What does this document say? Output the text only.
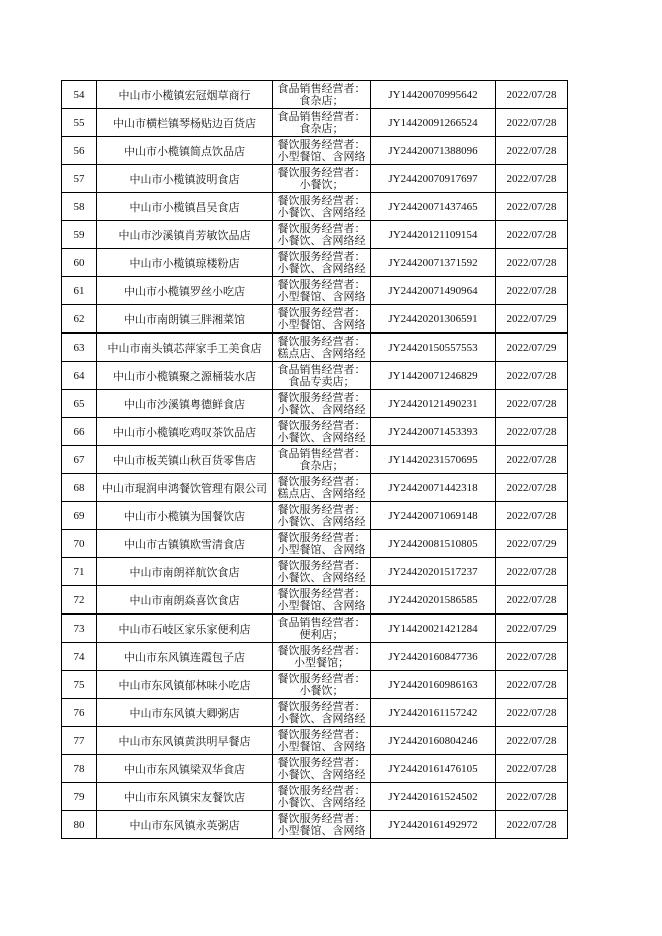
54	中山市小榄镇宏冠烟草商行	食品销售经营者：食杂店；	JY14420070995642	2022/07/28
55	中山市横栏镇琴杨贴边百货店	食品销售经营者：食杂店；	JY14420091266524	2022/07/28
56	中山市小榄镇简点饮品店	餐饮服务经营者：小型餐馆、含网络	JY24420071388096	2022/07/28
57	中山市小榄镇波明食店	餐饮服务经营者：小餐饮；	JY24420070917697	2022/07/28
58	中山市小榄镇昌吴食店	餐饮服务经营者：小餐饮、含网络经	JY24420071437465	2022/07/28
59	中山市沙溪镇肖芳敏饮品店	餐饮服务经营者：小餐饮、含网络经	JY24420121109154	2022/07/28
60	中山市小榄镇琼楼粉店	餐饮服务经营者：小餐饮、含网络经	JY24420071371592	2022/07/28
61	中山市小榄镇罗丝小吃店	餐饮服务经营者：小型餐馆、含网络	JY24420071490964	2022/07/28
62	中山市南朗镇三胖湘菜馆	餐饮服务经营者：小型餐馆、含网络	JY24420201306591	2022/07/29
63	中山市南头镇芯萍家手工美食店	餐饮服务经营者：糕点店、含网络经	JY24420150557553	2022/07/29
64	中山市小榄镇聚之源桶装水店	食品销售经营者：食品专卖店；	JY14420071246829	2022/07/28
65	中山市沙溪镇粤德鲜食店	餐饮服务经营者：小餐饮、含网络经	JY24420121490231	2022/07/28
66	中山市小榄镇吃鸡叹茶饮品店	餐饮服务经营者：小餐饮、含网络经	JY24420071453393	2022/07/28
67	中山市板芙镇山秋百货零售店	食品销售经营者：食杂店；	JY14420231570695	2022/07/28
68	中山市琨润申鸿餐饮管理有限公司	餐饮服务经营者：糕点店、含网络经	JY24420071442318	2022/07/28
69	中山市小榄镇为国餐饮店	餐饮服务经营者：小餐饮、含网络经	JY24420071069148	2022/07/28
70	中山市古镇镇欧雪清食店	餐饮服务经营者：小型餐馆、含网络	JY24420081510805	2022/07/29
71	中山市南朗祥航饮食店	餐饮服务经营者：小餐饮、含网络经	JY24420201517237	2022/07/28
72	中山市南朗焱喜饮食店	餐饮服务经营者：小型餐馆、含网络	JY24420201586585	2022/07/28
73	中山市石岐区家乐家便利店	食品销售经营者：便利店；	JY14420021421284	2022/07/29
74	中山市东风镇连霞包子店	餐饮服务经营者：小型餐馆；	JY24420160847736	2022/07/28
75	中山市东风镇郁林味小吃店	餐饮服务经营者：小餐饮；	JY24420160986163	2022/07/28
76	中山市东风镇大卿粥店	餐饮服务经营者：小餐饮、含网络经	JY24420161157242	2022/07/28
77	中山市东风镇黄洪明早餐店	餐饮服务经营者：小型餐馆、含网络	JY24420160804246	2022/07/28
78	中山市东风镇梁双华食店	餐饮服务经营者：小餐饮、含网络经	JY24420161476105	2022/07/28
79	中山市东风镇宋友餐饮店	餐饮服务经营者：小餐饮、含网络经	JY24420161524502	2022/07/28
80	中山市东风镇永英粥店	餐饮服务经营者：小型餐馆、含网络	JY24420161492972	2022/07/28
